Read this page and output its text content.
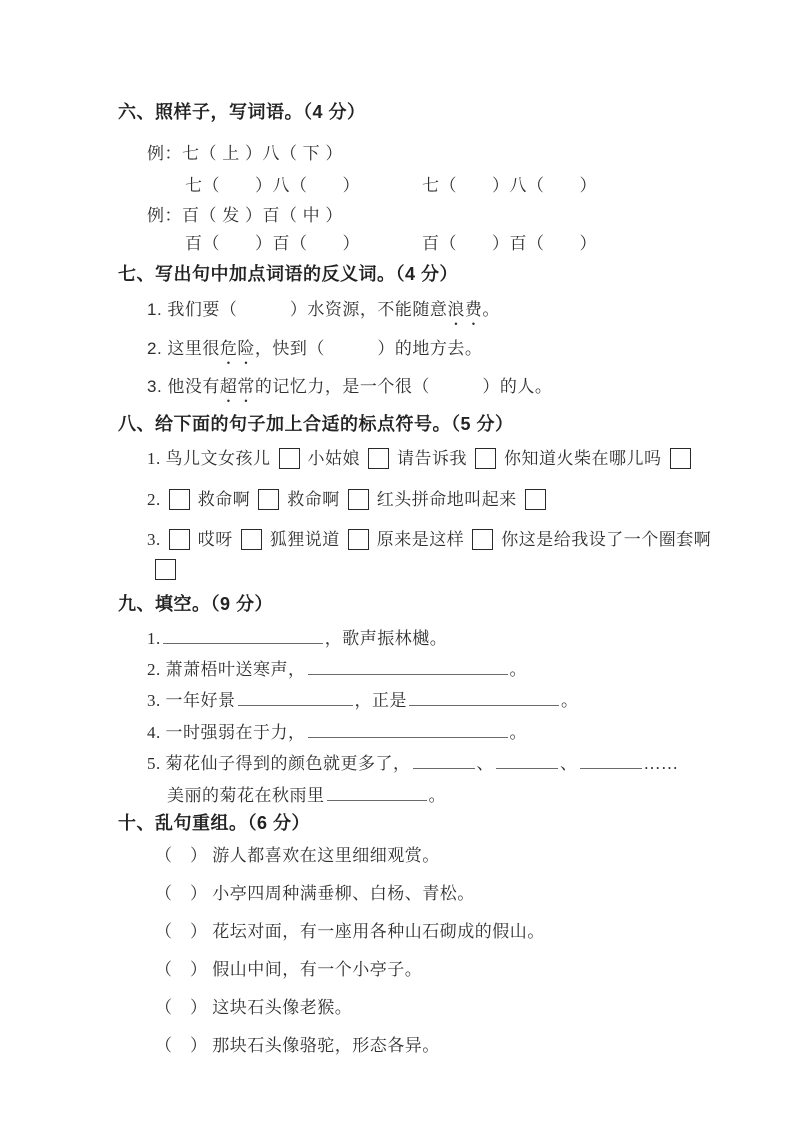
六、照样子，写词语。（4 分）
例：七（ 上 ）八（ 下 ）
七（　　）八（　　）	七（　　）八（　　）
例：百（ 发 ）百（ 中 ）
百（　　）百（　　）	百（　　）百（　　）
七、写出句中加点词语的反义词。（4 分）
1. 我们要（　　　）水资源，不能随意浪费。
2. 这里很危险，快到（　　　）的地方去。
3. 他没有超常的记忆力，是一个很（　　　）的人。
八、给下面的句子加上合适的标点符号。（5 分）
1. 鸟儿文女孩儿 小姑娘 请告诉我 你知道火柴在哪儿吗
2. 救命啊 救命啊 红头拼命地叫起来
3. 哎呀 狐狸说道 原来是这样 你这是给我设了一个圈套啊
九、填空。（9 分）
1.	，歌声振林樾。
2. 萧萧梧叶送寒声，	。
3. 一年好景	，正是	。
4. 一时强弱在于力，	。
5. 菊花仙子得到的颜色就更多了，	、	、	……
美丽的菊花在秋雨里	。
十、乱句重组。（6 分）
（　） 游人都喜欢在这里细细观赏。
（　） 小亭四周种满垂柳、白杨、青松。
（　） 花坛对面，有一座用各种山石砌成的假山。
（　） 假山中间，有一个小亭子。
（　） 这块石头像老猴。
（　） 那块石头像骆驼，形态各异。
